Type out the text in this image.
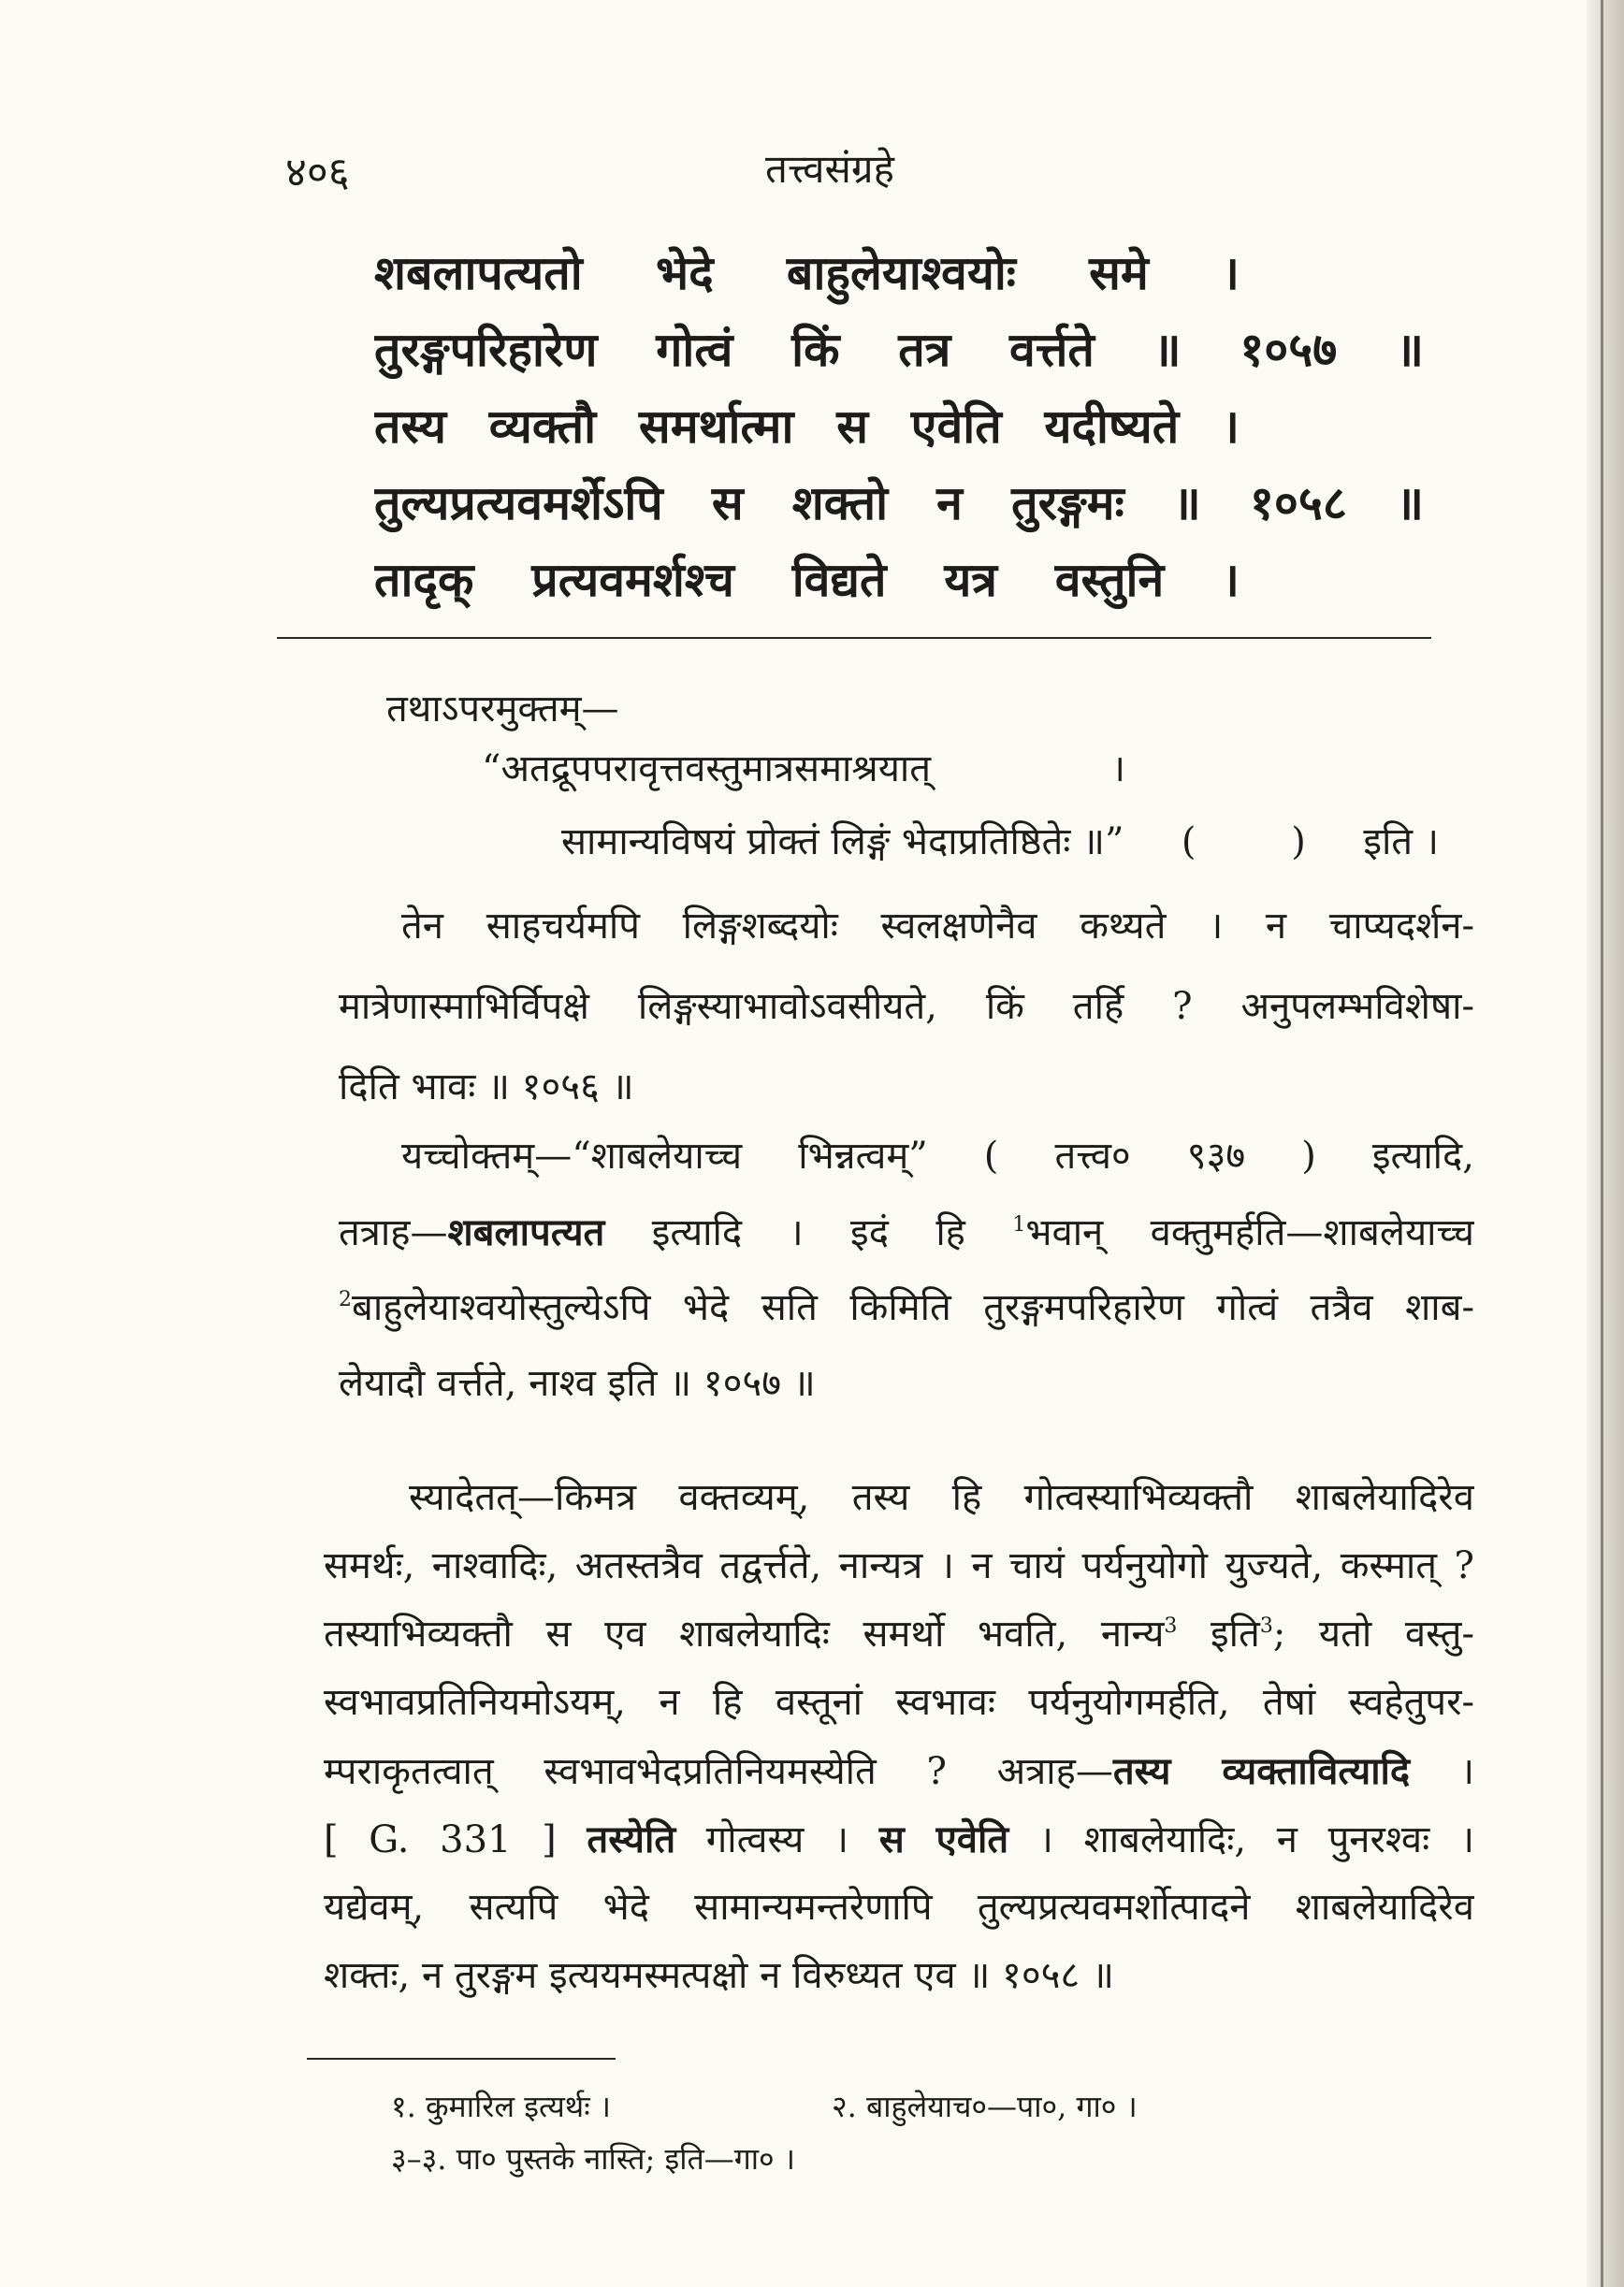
४०६	तत्त्वसंग्रहे
शबलापत्यतो भेदे बाहुलेयाश्वयोः समे ।
तुरङ्गपरिहारेण गोत्वं किं तत्र वर्त्तते ॥ १०५७ ॥
तस्य व्यक्तौ समर्थात्मा स एवेति यदीष्यते ।
तुल्यप्रत्यवमर्शेऽपि स शक्तो न तुरङ्गमः ॥ १०५८ ॥
तादृक् प्रत्यवमर्शश्च विद्यते यत्र वस्तुनि ।
तथाऽपरमुक्तम्—
“अतद्रूपपरावृत्तवस्तुमात्रसमाश्रयात्	।
सामान्यविषयं प्रोक्तं लिङ्गं भेदाप्रतिष्ठितेः ॥” (        ) इति ।
तेन साहचर्यमपि लिङ्गशब्दयोः स्वलक्षणेनैव कथ्यते । न चाप्यदर्शन-
मात्रेणास्माभिर्विपक्षे लिङ्गस्याभावोऽवसीयते, किं तर्हि ? अनुपलम्भविशेषा-
दिति भावः ॥ १०५६ ॥
यच्चोक्तम्—“शाबलेयाच्च भिन्नत्वम्” ( तत्त्व० ९३७ ) इत्यादि,
तत्राह—शबलापत्यत इत्यादि । इदं हि $^1$भवान् वक्तुमर्हति—शाबलेयाच्च
$^2$बाहुलेयाश्वयोस्तुल्येऽपि भेदे सति किमिति तुरङ्गमपरिहारेण गोत्वं तत्रैव शाब-
लेयादौ वर्त्तते, नाश्व इति ॥ १०५७ ॥
स्यादेतत्—किमत्र वक्तव्यम्, तस्य हि गोत्वस्याभिव्यक्तौ शाबलेयादिरेव
समर्थः, नाश्वादिः, अतस्तत्रैव तद्वर्त्तते, नान्यत्र । न चायं पर्यनुयोगो युज्यते, कस्मात् ?
तस्याभिव्यक्तौ स एव शाबलेयादिः समर्थो भवति, नान्य$^3$ इति$^3$; यतो वस्तु-
स्वभावप्रतिनियमोऽयम्, न हि वस्तूनां स्वभावः पर्यनुयोगमर्हति, तेषां स्वहेतुपर-
म्पराकृतत्वात् स्वभावभेदप्रतिनियमस्येति ? अत्राह—तस्य व्यक्तावित्यादि ।
[ G. 331 ] तस्येति गोत्वस्य । स एवेति । शाबलेयादिः, न पुनरश्वः ।
यद्येवम्, सत्यपि भेदे सामान्यमन्तरेणापि तुल्यप्रत्यवमर्शोत्पादने शाबलेयादिरेव
शक्तः, न तुरङ्गम इत्ययमस्मत्पक्षो न विरुध्यत एव ॥ १०५८ ॥
१. कुमारिल इत्यर्थः ।	२. बाहुलेयाच०—पा०, गा० ।
३–३. पा० पुस्तके नास्ति; इति—गा० ।
